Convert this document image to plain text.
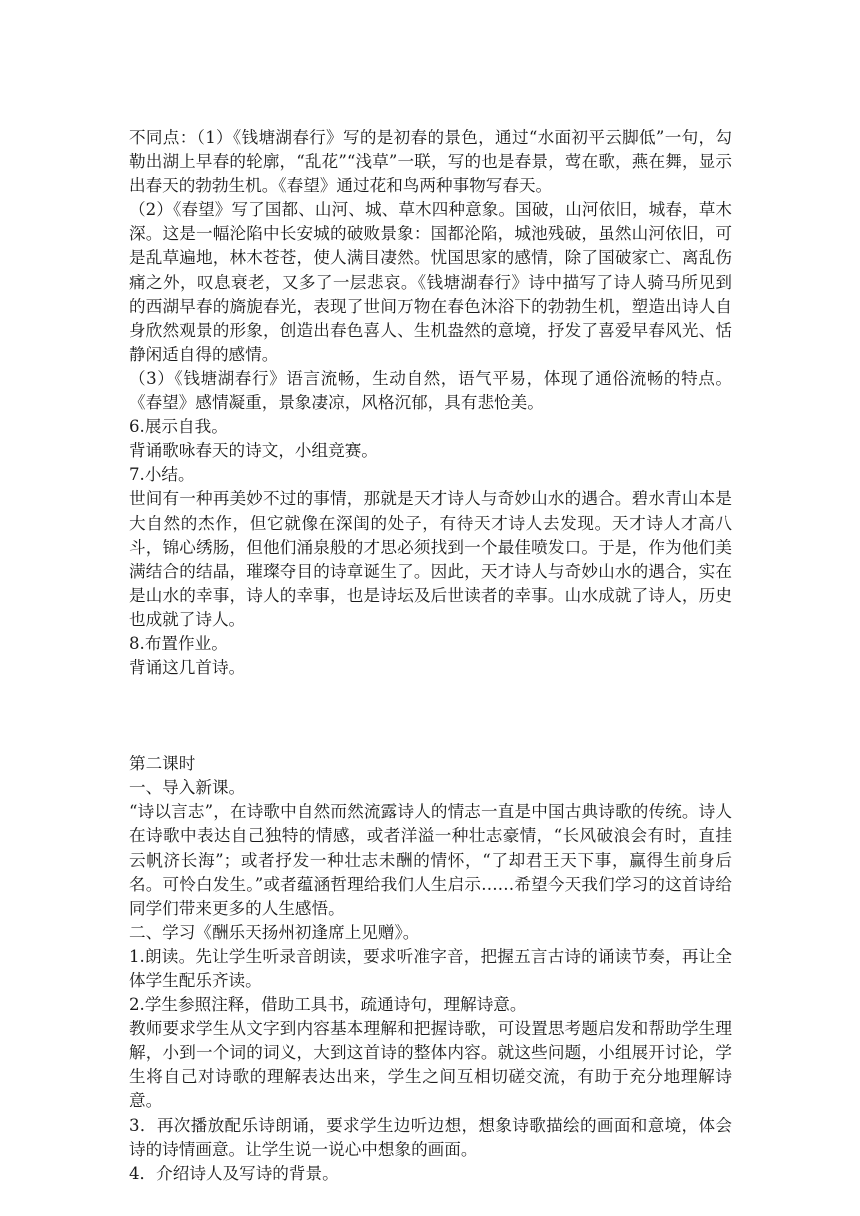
不同点：（1）《钱塘湖春行》写的是初春的景色，通过“水面初平云脚低”一句，勾勒出湖上早春的轮廓，“乱花”“浅草”一联，写的也是春景，莺在歌，燕在舞，显示出春天的勃勃生机。《春望》通过花和鸟两种事物写春天。

（2）《春望》写了国都、山河、城、草木四种意象。国破，山河依旧，城春，草木深。这是一幅沦陷中长安城的破败景象：国都沦陷，城池残破，虽然山河依旧，可是乱草遍地，林木苍苍，使人满目凄然。忧国思家的感情，除了国破家亡、离乱伤痛之外，叹息衰老，又多了一层悲哀。《钱塘湖春行》诗中描写了诗人骑马所见到的西湖早春的旖旎春光，表现了世间万物在春色沐浴下的勃勃生机，塑造出诗人自身欣然观景的形象，创造出春色喜人、生机盎然的意境，抒发了喜爱早春风光、恬静闲适自得的感情。

（3）《钱塘湖春行》语言流畅，生动自然，语气平易，体现了通俗流畅的特点。《春望》感情凝重，景象凄凉，风格沉郁，具有悲怆美。

6.展示自我。

背诵歌咏春天的诗文，小组竞赛。

7.小结。

世间有一种再美妙不过的事情，那就是天才诗人与奇妙山水的遇合。碧水青山本是大自然的杰作，但它就像在深闺的处子，有待天才诗人去发现。天才诗人才高八斗，锦心绣肠，但他们涌泉般的才思必须找到一个最佳喷发口。于是，作为他们美满结合的结晶，璀璨夺目的诗章诞生了。因此，天才诗人与奇妙山水的遇合，实在是山水的幸事，诗人的幸事，也是诗坛及后世读者的幸事。山水成就了诗人，历史也成就了诗人。

8.布置作业。

背诵这几首诗。

第二课时

一、导入新课。

“诗以言志”，在诗歌中自然而然流露诗人的情志一直是中国古典诗歌的传统。诗人在诗歌中表达自己独特的情感，或者洋溢一种壮志豪情，“长风破浪会有时，直挂云帆济长海”；或者抒发一种壮志未酬的情怀，“了却君王天下事，赢得生前身后名。可怜白发生。”或者蕴涵哲理给我们人生启示……希望今天我们学习的这首诗给同学们带来更多的人生感悟。

二、学习《酬乐天扬州初逢席上见赠》。

1.朗读。先让学生听录音朗读，要求听准字音，把握五言古诗的诵读节奏，再让全体学生配乐齐读。

2.学生参照注释，借助工具书，疏通诗句，理解诗意。

教师要求学生从文字到内容基本理解和把握诗歌，可设置思考题启发和帮助学生理解，小到一个词的词义，大到这首诗的整体内容。就这些问题，小组展开讨论，学生将自己对诗歌的理解表达出来，学生之间互相切磋交流，有助于充分地理解诗意。

3．再次播放配乐诗朗诵，要求学生边听边想，想象诗歌描绘的画面和意境，体会诗的诗情画意。让学生说一说心中想象的画面。

4．介绍诗人及写诗的背景。
